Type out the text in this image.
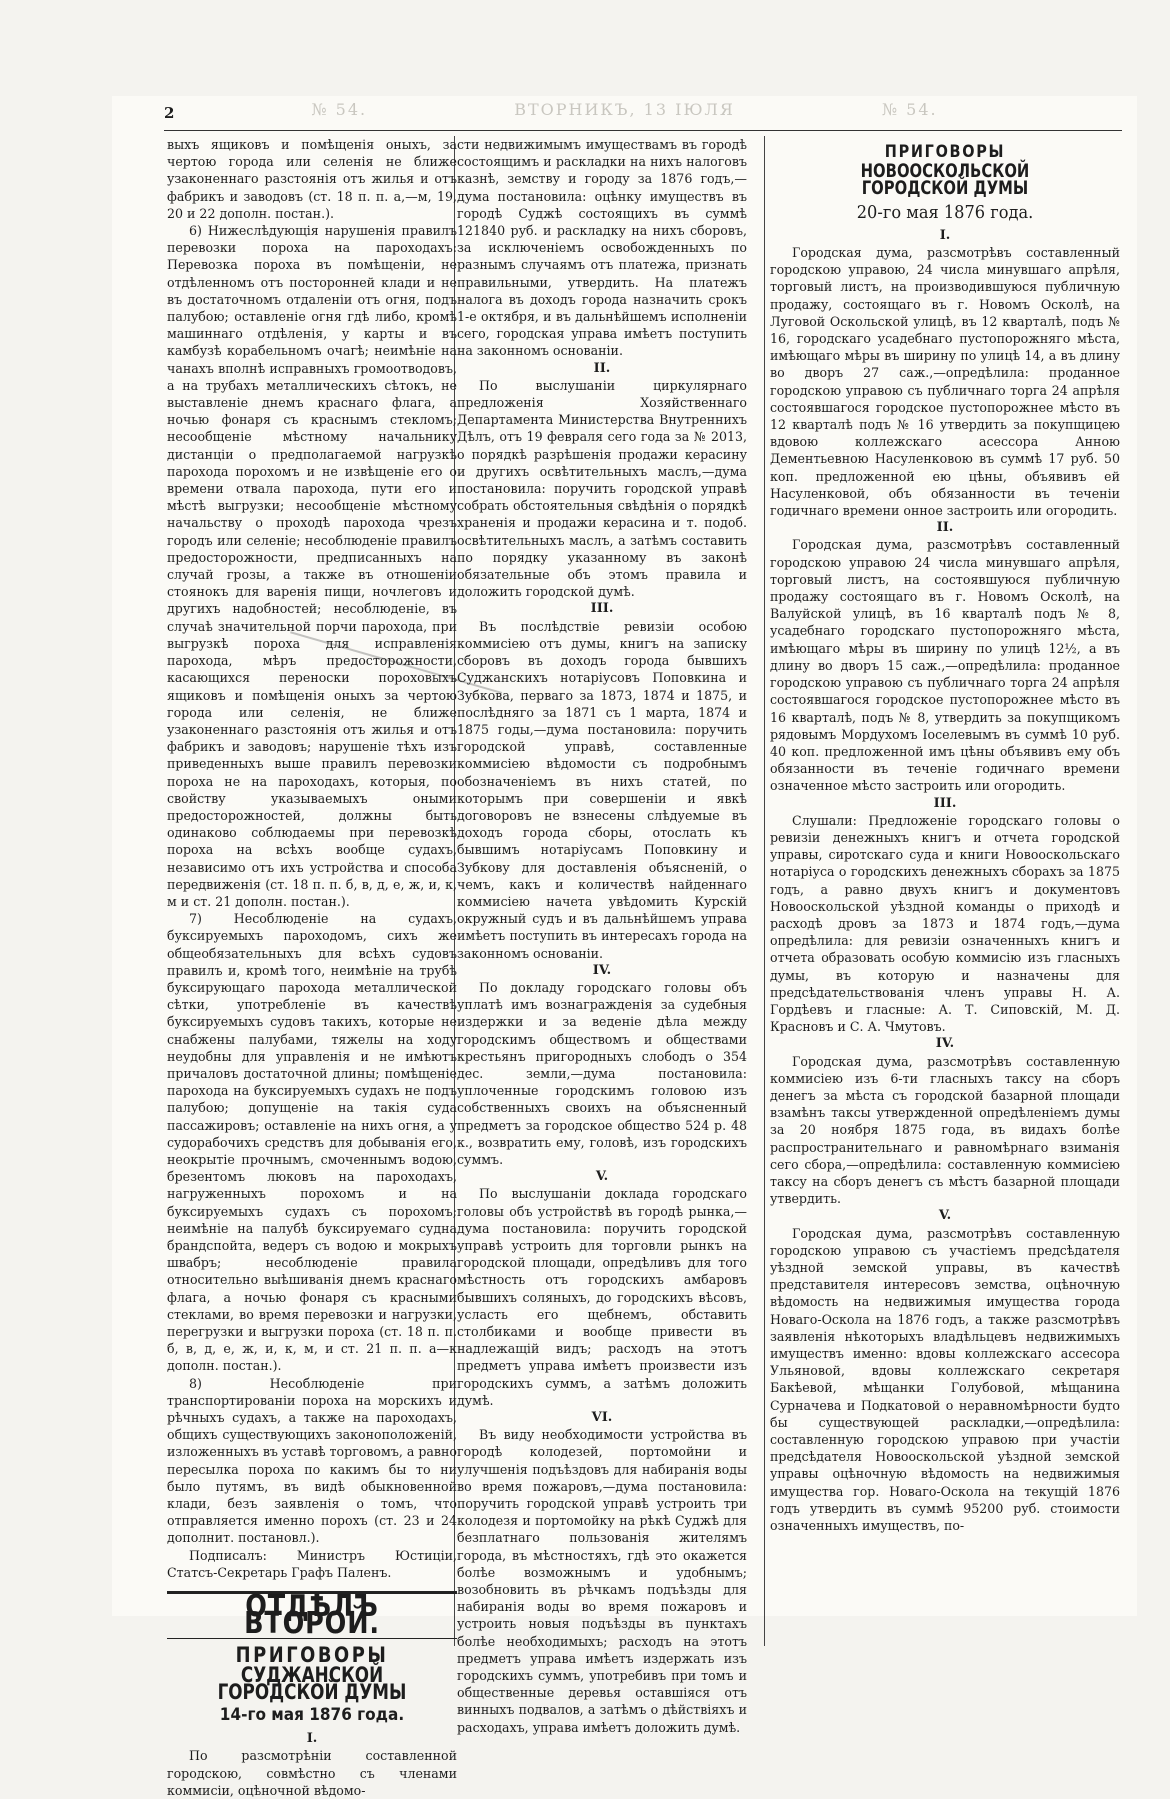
№ 54.	ВТОРНИКЪ, 13 ІЮЛЯ	№ 54.
2

выхъ ящиковъ и помѣщенія оныхъ, за чертою города или селенія не ближе узаконеннаго разстоянія отъ жилья и отъ фабрикъ и заводовъ (ст. 18 п. п. а,—м, 19, 20 и 22 дополн. постан.).

6) Нижеслѣдующія нарушенія правилъ перевозки пороха на пароходахъ: Перевозка пороха въ помѣщеніи, не отдѣленномъ отъ посторонней клади и не въ достаточномъ отдаленіи отъ огня, подъ палубою; оставленіе огня гдѣ либо, кромѣ машиннаго отдѣленія, у карты и въ камбузѣ корабельномъ очагѣ; неимѣніе на чанахъ вполнѣ исправныхъ громоотводовъ, а на трубахъ металлическихъ сѣтокъ, не выставленіе днемъ краснаго флага, а ночью фонаря съ краснымъ стекломъ; несообщеніе мѣстному начальнику дистанціи о предполагаемой нагрузкѣ парохода порохомъ и не извѣщеніе его о времени отвала парохода, пути его и мѣстѣ выгрузки; несообщеніе мѣстному начальству о проходѣ парохода чрезъ городъ или селеніе; несоблюденіе правилъ предосторожности, предписанныхъ на случай грозы, а также въ отношеніи стоянокъ для варенія пищи, ночлеговъ и другихъ надобностей; несоблюденіе, въ случаѣ значительной порчи парохода, при выгрузкѣ пороха для исправленія парохода, мѣръ предосторожности, касающихся переноски пороховыхъ ящиковъ и помѣщенія оныхъ за чертою города или селенія, не ближе узаконеннаго разстоянія отъ жилья и отъ фабрикъ и заводовъ; нарушеніе тѣхъ изъ приведенныхъ выше правилъ перевозки пороха не на пароходахъ, которыя, по свойству указываемыхъ оными предосторожностей, должны быть одинаково соблюдаемы при перевозкѣ пороха на всѣхъ вообще судахъ, независимо отъ ихъ устройства и способа передвиженія (ст. 18 п. п. б, в, д, е, ж, и, к, м и ст. 21 дополн. постан.).

7) Несоблюденіе на судахъ, буксируемыхъ пароходомъ, сихъ же общеобязательныхъ для всѣхъ судовъ правилъ и, кромѣ того, неимѣніе на трубѣ буксирующаго парохода металлической сѣтки, употребленіе въ качествѣ буксируемыхъ судовъ такихъ, которые не снабжены палубами, тяжелы на ходу неудобны для управленія и не имѣютъ причаловъ достаточной длины; помѣщеніе парохода на буксируемыхъ судахъ не подъ палубою; допущеніе на такія суда пассажировъ; оставленіе на нихъ огня, а у судорабочихъ средствъ для добыванія его, неокрытіе прочнымъ, смоченнымъ водою, брезентомъ люковъ на пароходахъ, нагруженныхъ порохомъ и на буксируемыхъ судахъ съ порохомъ; неимѣніе на палубѣ буксируемаго судна брандспойта, ведеръ съ водою и мокрыхъ швабръ; несоблюденіе правила относительно выѣшиванія днемъ краснаго флага, а ночью фонаря съ красными стеклами, во время перевозки и нагрузки, перегрузки и выгрузки пороха (ст. 18 п. п. б, в, д, е, ж, и, к, м, и ст. 21 п. п. а—к дополн. постан.).

8) Несоблюденіе при транспортированіи пороха на морскихъ и рѣчныхъ судахъ, а также на пароходахъ, общихъ существующихъ законоположеній, изложенныхъ въ уставѣ торговомъ, а равно пересылка пороха по какимъ бы то ни было путямъ, въ видѣ обыкновенной клади, безъ заявленія о томъ, что отправляется именно порохъ (ст. 23 и 24 дополнит. постановл.).

Подписалъ: Министръ Юстиціи, Статсъ-Секретарь Графъ Паленъ.

ОТДѢЛЪ ВТОРОЙ.
ПРИГОВОРЫ
СУДЖАНСКОЙ ГОРОДСКОЙ ДУМЫ
14-го мая 1876 года.

I.

По разсмотрѣніи составленной городскою, совмѣстно съ членами коммисіи, оцѣночной вѣдомо-

сти недвижимымъ имуществамъ въ городѣ состоящимъ и раскладки на нихъ налоговъ казнѣ, земству и городу за 1876 годъ,—дума постановила: оцѣнку имуществъ въ городѣ Суджѣ состоящихъ въ суммѣ 121840 руб. и раскладку на нихъ сборовъ, за исключеніемъ освобожденныхъ по разнымъ случаямъ отъ платежа, признать правильными, утвердить. На платежъ налога въ доходъ города назначить срокъ 1-е октября, и въ дальнѣйшемъ исполненіи сего, городская управа имѣетъ поступить на законномъ основаніи.

II.

По выслушаніи циркулярнаго предложенія Хозяйственнаго Департамента Министерства Внутреннихъ Дѣлъ, отъ 19 февраля сего года за № 2013, о порядкѣ разрѣшенія продажи керасину и другихъ освѣтительныхъ маслъ,—дума постановила: поручить городской управѣ собрать обстоятельныя свѣдѣнія о порядкѣ храненія и продажи керасина и т. подоб. освѣтительныхъ маслъ, а затѣмъ составить по порядку указанному въ законѣ обязательные объ этомъ правила и доложить городской думѣ.

III.

Въ послѣдствіе ревизіи особою коммисіею отъ думы, книгъ на записку сборовъ въ доходъ города бывшихъ Суджанскихъ нотаріусовъ Поповкина и Зубкова, перваго за 1873, 1874 и 1875, и послѣдняго за 1871 съ 1 марта, 1874 и 1875 годы,—дума постановила: поручить городской управѣ, составленные коммисіею вѣдомости съ подробнымъ обозначеніемъ въ нихъ статей, по которымъ при совершеніи и явкѣ договоровъ не взнесены слѣдуемые въ доходъ города сборы, отослать къ бывшимъ нотаріусамъ Поповкину и Зубкову для доставленія объясненій, о чемъ, какъ и количествѣ найденнаго коммисіею начета увѣдомить Курскій окружный судъ и въ дальнѣйшемъ управа имѣетъ поступить въ интересахъ города на законномъ основаніи.

IV.

По докладу городскаго головы объ уплатѣ имъ вознагражденія за судебныя издержки и за веденіе дѣла между городскимъ обществомъ и обществами крестьянъ пригородныхъ слободъ о 354 дес. земли,—дума постановила: уплоченные городскимъ головою изъ собственныхъ своихъ на объясненный предметъ за городское общество 524 р. 48 к., возвратить ему, головѣ, изъ городскихъ суммъ.

V.

По выслушаніи доклада городскаго головы объ устройствѣ въ городѣ рынка,—дума постановила: поручить городской управѣ устроить для торговли рынкъ на городской площади, опредѣливъ для того мѣстность отъ городскихъ амбаровъ бывшихъ соляныхъ, до городскихъ вѣсовъ, усласть его щебнемъ, обставить столбиками и вообще привести въ надлежащій видъ; расходъ на этотъ предметъ управа имѣетъ произвести изъ городскихъ суммъ, а затѣмъ доложить думѣ.

VI.

Въ виду необходимости устройства въ городѣ колодезей, портомойни и улучшенія подъѣздовъ для набиранія воды во время пожаровъ,—дума постановила: поручить городской управѣ устроить три колодезя и портомойку на рѣкѣ Суджѣ для безплатнаго пользованія жителямъ города, въ мѣстностяхъ, гдѣ это окажется болѣе возможнымъ и удобнымъ; возобновить въ рѣчкамъ подъѣзды для набиранія воды во время пожаровъ и устроить новыя подъѣзды въ пунктахъ болѣе необходимыхъ; расходъ на этотъ предметъ управа имѣетъ издержать изъ городскихъ суммъ, употребивъ при томъ и общественные деревья оставшіяся отъ винныхъ подвалов, а затѣмъ о дѣйствіяхъ и расходахъ, управа имѣетъ доложить думѣ.

ПРИГОВОРЫ
НОВООСКОЛЬСКОЙ ГОРОДСКОЙ ДУМЫ
20-го мая 1876 года.

I.

Городская дума, разсмотрѣвъ составленный городскою управою, 24 числа минувшаго апрѣля, торговый листъ, на производившуюся публичную продажу, состоящаго въ г. Новомъ Осколѣ, на Луговой Оскольской улицѣ, въ 12 кварталѣ, подъ № 16, городскаго усадебнаго пустопорожняго мѣста, имѣющаго мѣры въ ширину по улицѣ 14, а въ длину во дворъ 27 саж.,—опредѣлила: проданное городскою управою съ публичнаго торга 24 апрѣля состоявшагося городское пустопорожнее мѣсто въ 12 кварталѣ подъ № 16 утвердить за покупщицею вдовою коллежскаго асессора Анною Дементьевною Насуленковою въ суммѣ 17 руб. 50 коп. предложенной ею цѣны, объявивъ ей Насуленковой, объ обязанности въ теченіи годичнаго времени онное застроить или огородить.

II.

Городская дума, разсмотрѣвъ составленный городскою управою 24 числа минувшаго апрѣля, торговый листъ, на состоявшуюся публичную продажу состоящаго въ г. Новомъ Осколѣ, на Валуйской улицѣ, въ 16 кварталѣ подъ № 8, усадебнаго городскаго пустопорожняго мѣста, имѣющаго мѣры въ ширину по улицѣ 12½, а въ длину во дворъ 15 саж.,—опредѣлила: проданное городскою управою съ публичнаго торга 24 апрѣля состоявшагося городское пустопорожнее мѣсто въ 16 кварталѣ, подъ № 8, утвердить за покупщикомъ рядовымъ Мордухомъ Іоселевымъ въ суммѣ 10 руб. 40 коп. предложенной имъ цѣны объявивъ ему объ обязанности въ теченіе годичнаго времени означенное мѣсто застроить или огородить.

III.

Слушали: Предложеніе городскаго головы о ревизіи денежныхъ книгъ и отчета городской управы, сиротскаго суда и книги Новооскольскаго нотаріуса о городскихъ денежныхъ сборахъ за 1875 годъ, а равно двухъ книгъ и документовъ Новооскольской уѣздной команды о приходѣ и расходѣ дровъ за 1873 и 1874 годъ,—дума опредѣлила: для ревизіи означенныхъ книгъ и отчета образовать особую коммисію изъ гласныхъ думы, въ которую и назначены для предсѣдательствованія членъ управы Н. А. Гордѣевъ и гласные: А. Т. Сиповскій, М. Д. Красновъ и С. А. Чмутовъ.

IV.

Городская дума, разсмотрѣвъ составленную коммисіею изъ 6-ти гласныхъ таксу на сборъ денегъ за мѣста съ городской базарной площади взамѣнъ таксы утвержденной опредѣленіемъ думы за 20 ноября 1875 года, въ видахъ болѣе распространительнаго и равномѣрнаго взиманія сего сбора,—опредѣлила: составленную коммисіею таксу на сборъ денегъ съ мѣстъ базарной площади утвердить.

V.

Городская дума, разсмотрѣвъ составленную городскою управою съ участіемъ предсѣдателя уѣздной земской управы, въ качествѣ представителя интересовъ земства, оцѣночную вѣдомость на недвижимыя имущества города Новаго-Оскола на 1876 годъ, а также разсмотрѣвъ заявленія нѣкоторыхъ владѣльцевъ недвижимыхъ имуществъ именно: вдовы коллежскаго ассесора Ульяновой, вдовы коллежскаго секретаря Бакѣевой, мѣщанки Голубовой, мѣщанина Сурначева и Подкатовой о неравномѣрности будто бы существующей раскладки,—опредѣлила: составленную городскою управою при участіи предсѣдателя Новооскольской уѣздной земской управы оцѣночную вѣдомость на недвижимыя имущества гор. Новаго-Оскола на текущій 1876 годъ утвердить въ суммѣ 95200 руб. стоимости означенныхъ имуществъ, по-
